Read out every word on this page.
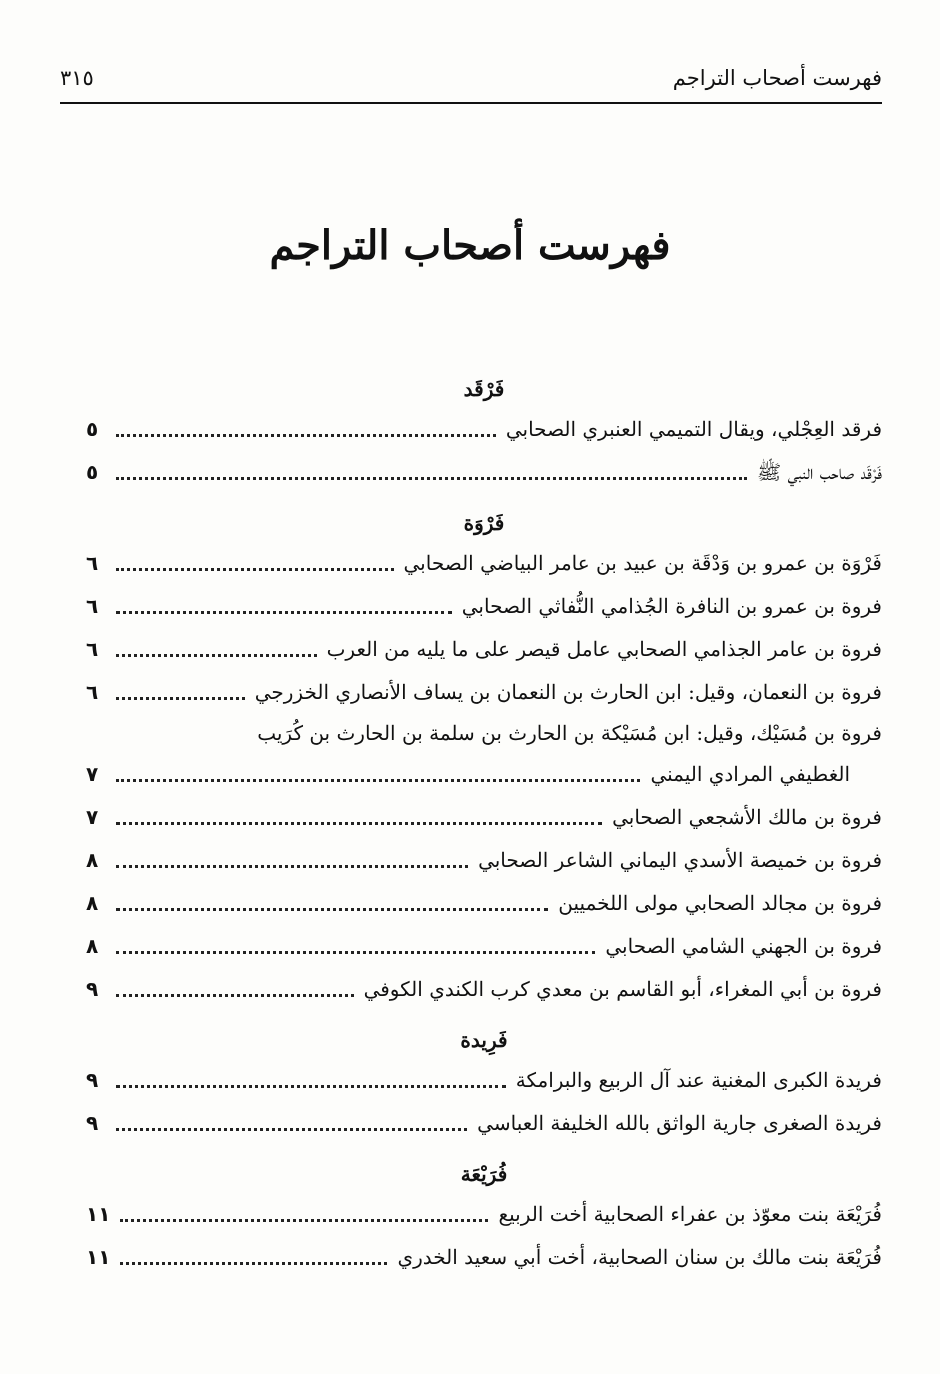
فهرست أصحاب التراجم
٣١٥
فهرست أصحاب التراجم
فَرْقَد
فرقد العِجْلي، ويقال التميمي العنبري الصحابي
٥
فَرْقَد صاحب النبي ﷺ
٥
فَرْوَة
فَرْوَة بن عمرو بن وَدْقَة بن عبيد بن عامر البياضي الصحابي
٦
فروة بن عمرو بن النافرة الجُذامي النُّفاثي الصحابي
٦
فروة بن عامر الجذامي الصحابي عامل قيصر على ما يليه من العرب
٦
فروة بن النعمان، وقيل: ابن الحارث بن النعمان بن يساف الأنصاري الخزرجي
٦
فروة بن مُسَيْك، وقيل: ابن مُسَيْكة بن الحارث بن سلمة بن الحارث بن كُرَيب
الغطيفي المرادي اليمني
٧
فروة بن مالك الأشجعي الصحابي
٧
فروة بن خميصة الأسدي اليماني الشاعر الصحابي
٨
فروة بن مجالد الصحابي مولى اللخميين
٨
فروة بن الجهني الشامي الصحابي
٨
فروة بن أبي المغراء، أبو القاسم بن معدي كرب الكندي الكوفي
٩
فَرِيدة
فريدة الكبرى المغنية عند آل الربيع والبرامكة
٩
فريدة الصغرى جارية الواثق بالله الخليفة العباسي
٩
فُرَيْعَة
فُرَيْعَة بنت معوّذ بن عفراء الصحابية أخت الربيع
١١
فُرَيْعَة بنت مالك بن سنان الصحابية، أخت أبي سعيد الخدري
١١
